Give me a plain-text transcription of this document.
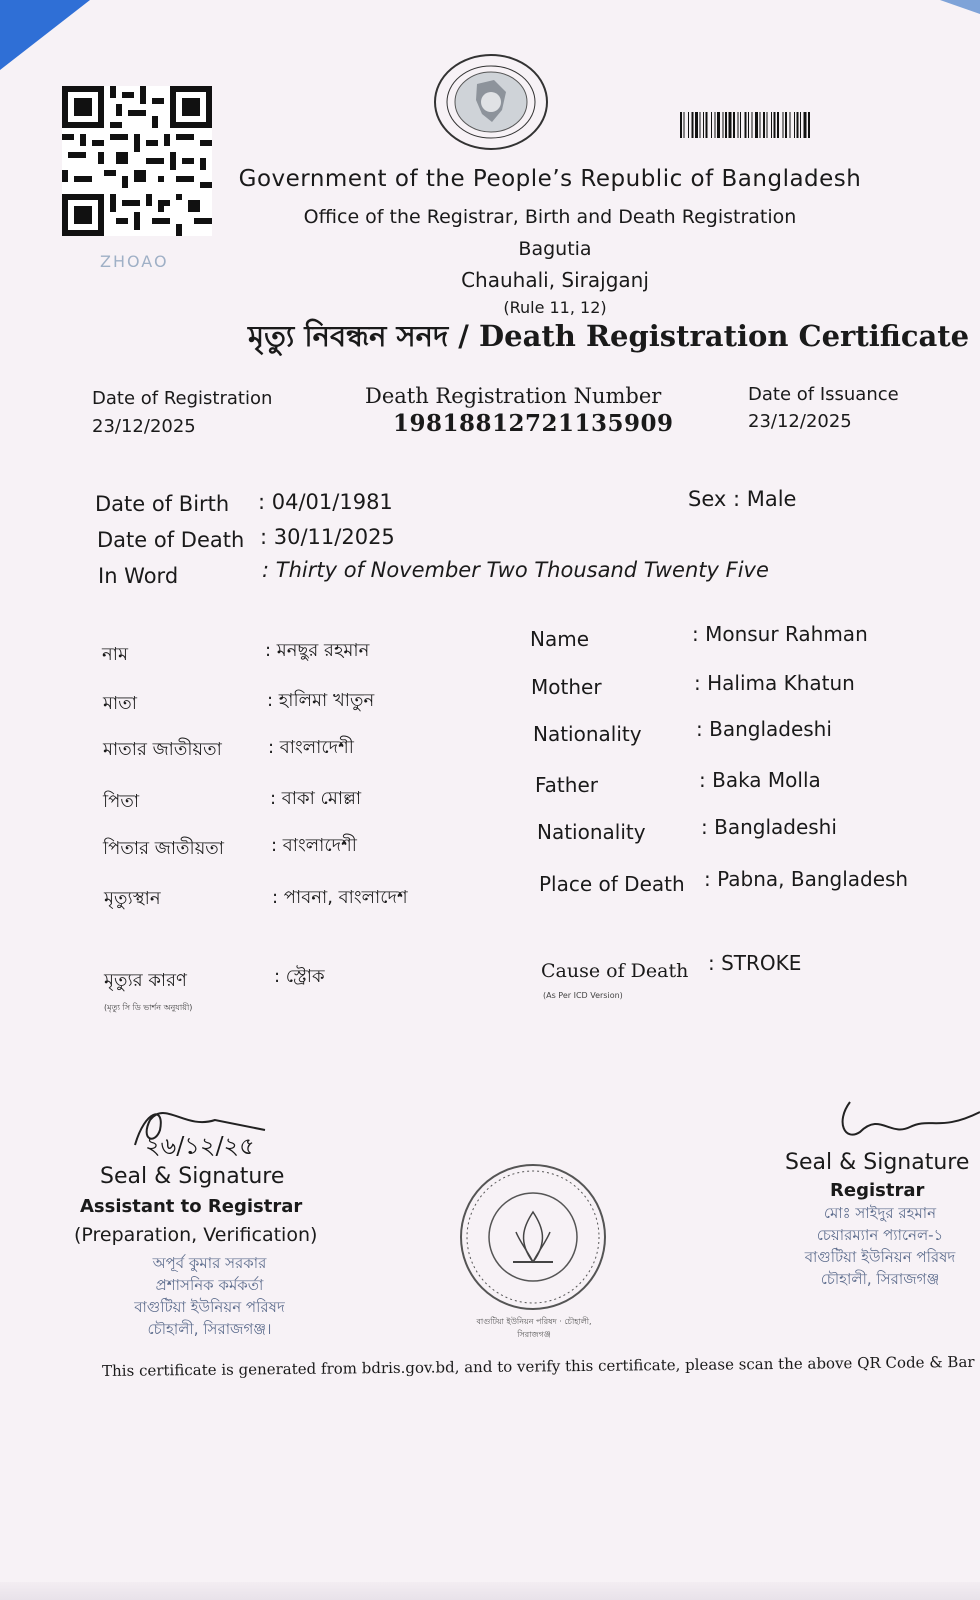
ZHOAO
Government of the People’s Republic of Bangladesh
Office of the Registrar, Birth and Death Registration
Bagutia
Chauhali, Sirajganj
(Rule 11, 12)
মৃত্যু নিবন্ধন সনদ / Death Registration Certificate
Date of Registration
23/12/2025
Death Registration Number
19818812721135909
Date of Issuance
23/12/2025
Date of Birth : 04/01/1981
Date of Death : 30/11/2025
In Word	: Thirty of November Two Thousand Twenty Five
Sex : Male
নাম	: মনছুর রহমান
মাতা	: হালিমা খাতুন
মাতার জাতীয়তা	: বাংলাদেশী
পিতা	: বাকা মোল্লা
পিতার জাতীয়তা	: বাংলাদেশী
মৃত্যুস্থান	: পাবনা, বাংলাদেশ
মৃত্যুর কারণ	: স্ট্রোক
(মৃত্যু সি ডি ভার্শন অনুযায়ী)
Name	: Monsur Rahman
Mother	: Halima Khatun
Nationality	: Bangladeshi
Father	: Baka Molla
Nationality	: Bangladeshi
Place of Death : Pabna, Bangladesh
Cause of Death : STROKE
(As Per ICD Version)
২৬/১২/২৫
Seal & Signature
Assistant to Registrar
(Preparation, Verification)
অপূর্ব কুমার সরকার
প্রশাসনিক কর্মকর্তা
বাগুটিয়া ইউনিয়ন পরিষদ
চৌহালী, সিরাজগঞ্জ।	বাগুটিয়া ইউনিয়ন পরিষদ · চৌহালী, সিরাজগঞ্জ
Seal & Signature
Registrar
মোঃ সাইদুর রহমান
চেয়ারম্যান প্যানেল-১
বাগুটিয়া ইউনিয়ন পরিষদ
চৌহালী, সিরাজগঞ্জ
This certificate is generated from bdris.gov.bd, and to verify this certificate, please scan the above QR Code & Bar
